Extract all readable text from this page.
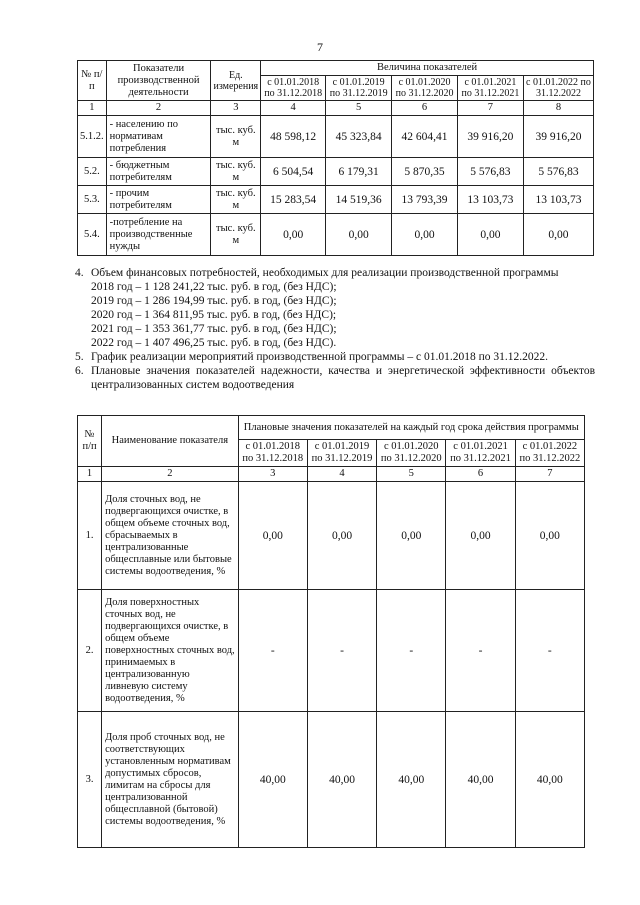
7
№ п/п	Показатели производственной деятельности	Ед. измерения	Величина показателей				
			с 01.01.2018 по 31.12.2018	с 01.01.2019 по 31.12.2019	с 01.01.2020 по 31.12.2020	с 01.01.2021 по 31.12.2021	с 01.01.2022 по 31.12.2022
1	2	3	4	5	6	7	8
5.1.2.	- населению по нормативам потребления	тыс. куб. м	48 598,12	45 323,84	42 604,41	39 916,20	39 916,20
5.2.	- бюджетным потребителям	тыс. куб. м	6 504,54	6 179,31	5 870,35	5 576,83	5 576,83
5.3.	- прочим потребителям	тыс. куб. м	15 283,54	14 519,36	13 793,39	13 103,73	13 103,73
5.4.	-потребление на производственные нужды	тыс. куб. м	0,00	0,00	0,00	0,00	0,00
4. Объем финансовых потребностей, необходимых для реализации производственной программы
2018 год – 1 128 241,22 тыс. руб. в год, (без НДС);
2019 год – 1 286 194,99 тыс. руб. в год, (без НДС);
2020 год – 1 364 811,95 тыс. руб. в год, (без НДС);
2021 год – 1 353 361,77 тыс. руб. в год, (без НДС);
2022 год – 1 407 496,25 тыс. руб. в год, (без НДС).
5. График реализации мероприятий производственной программы – с 01.01.2018 по 31.12.2022.
6. Плановые значения показателей надежности, качества и энергетической эффективности объектов централизованных систем водоотведения
№ п/п	Наименование показателя	Плановые значения показателей на каждый год срока действия программы				
		с 01.01.2018 по 31.12.2018	с 01.01.2019 по 31.12.2019	с 01.01.2020 по 31.12.2020	с 01.01.2021 по 31.12.2021	с 01.01.2022 по 31.12.2022
1	2	3	4	5	6	7
1.	Доля сточных вод, не подвергающихся очистке, в общем объеме сточных вод, сбрасываемых в централизованные общесплавные или бытовые системы водоотведения, %	0,00	0,00	0,00	0,00	0,00
2.	Доля поверхностных сточных вод, не подвергающихся очистке, в общем объеме поверхностных сточных вод, принимаемых в централизованную ливневую систему водоотведения, %	-	-	-	-	-
3.	Доля проб сточных вод, не соответствующих установленным нормативам допустимых сбросов, лимитам на сбросы для централизованной общесплавной (бытовой) системы водоотведения, %	40,00	40,00	40,00	40,00	40,00
